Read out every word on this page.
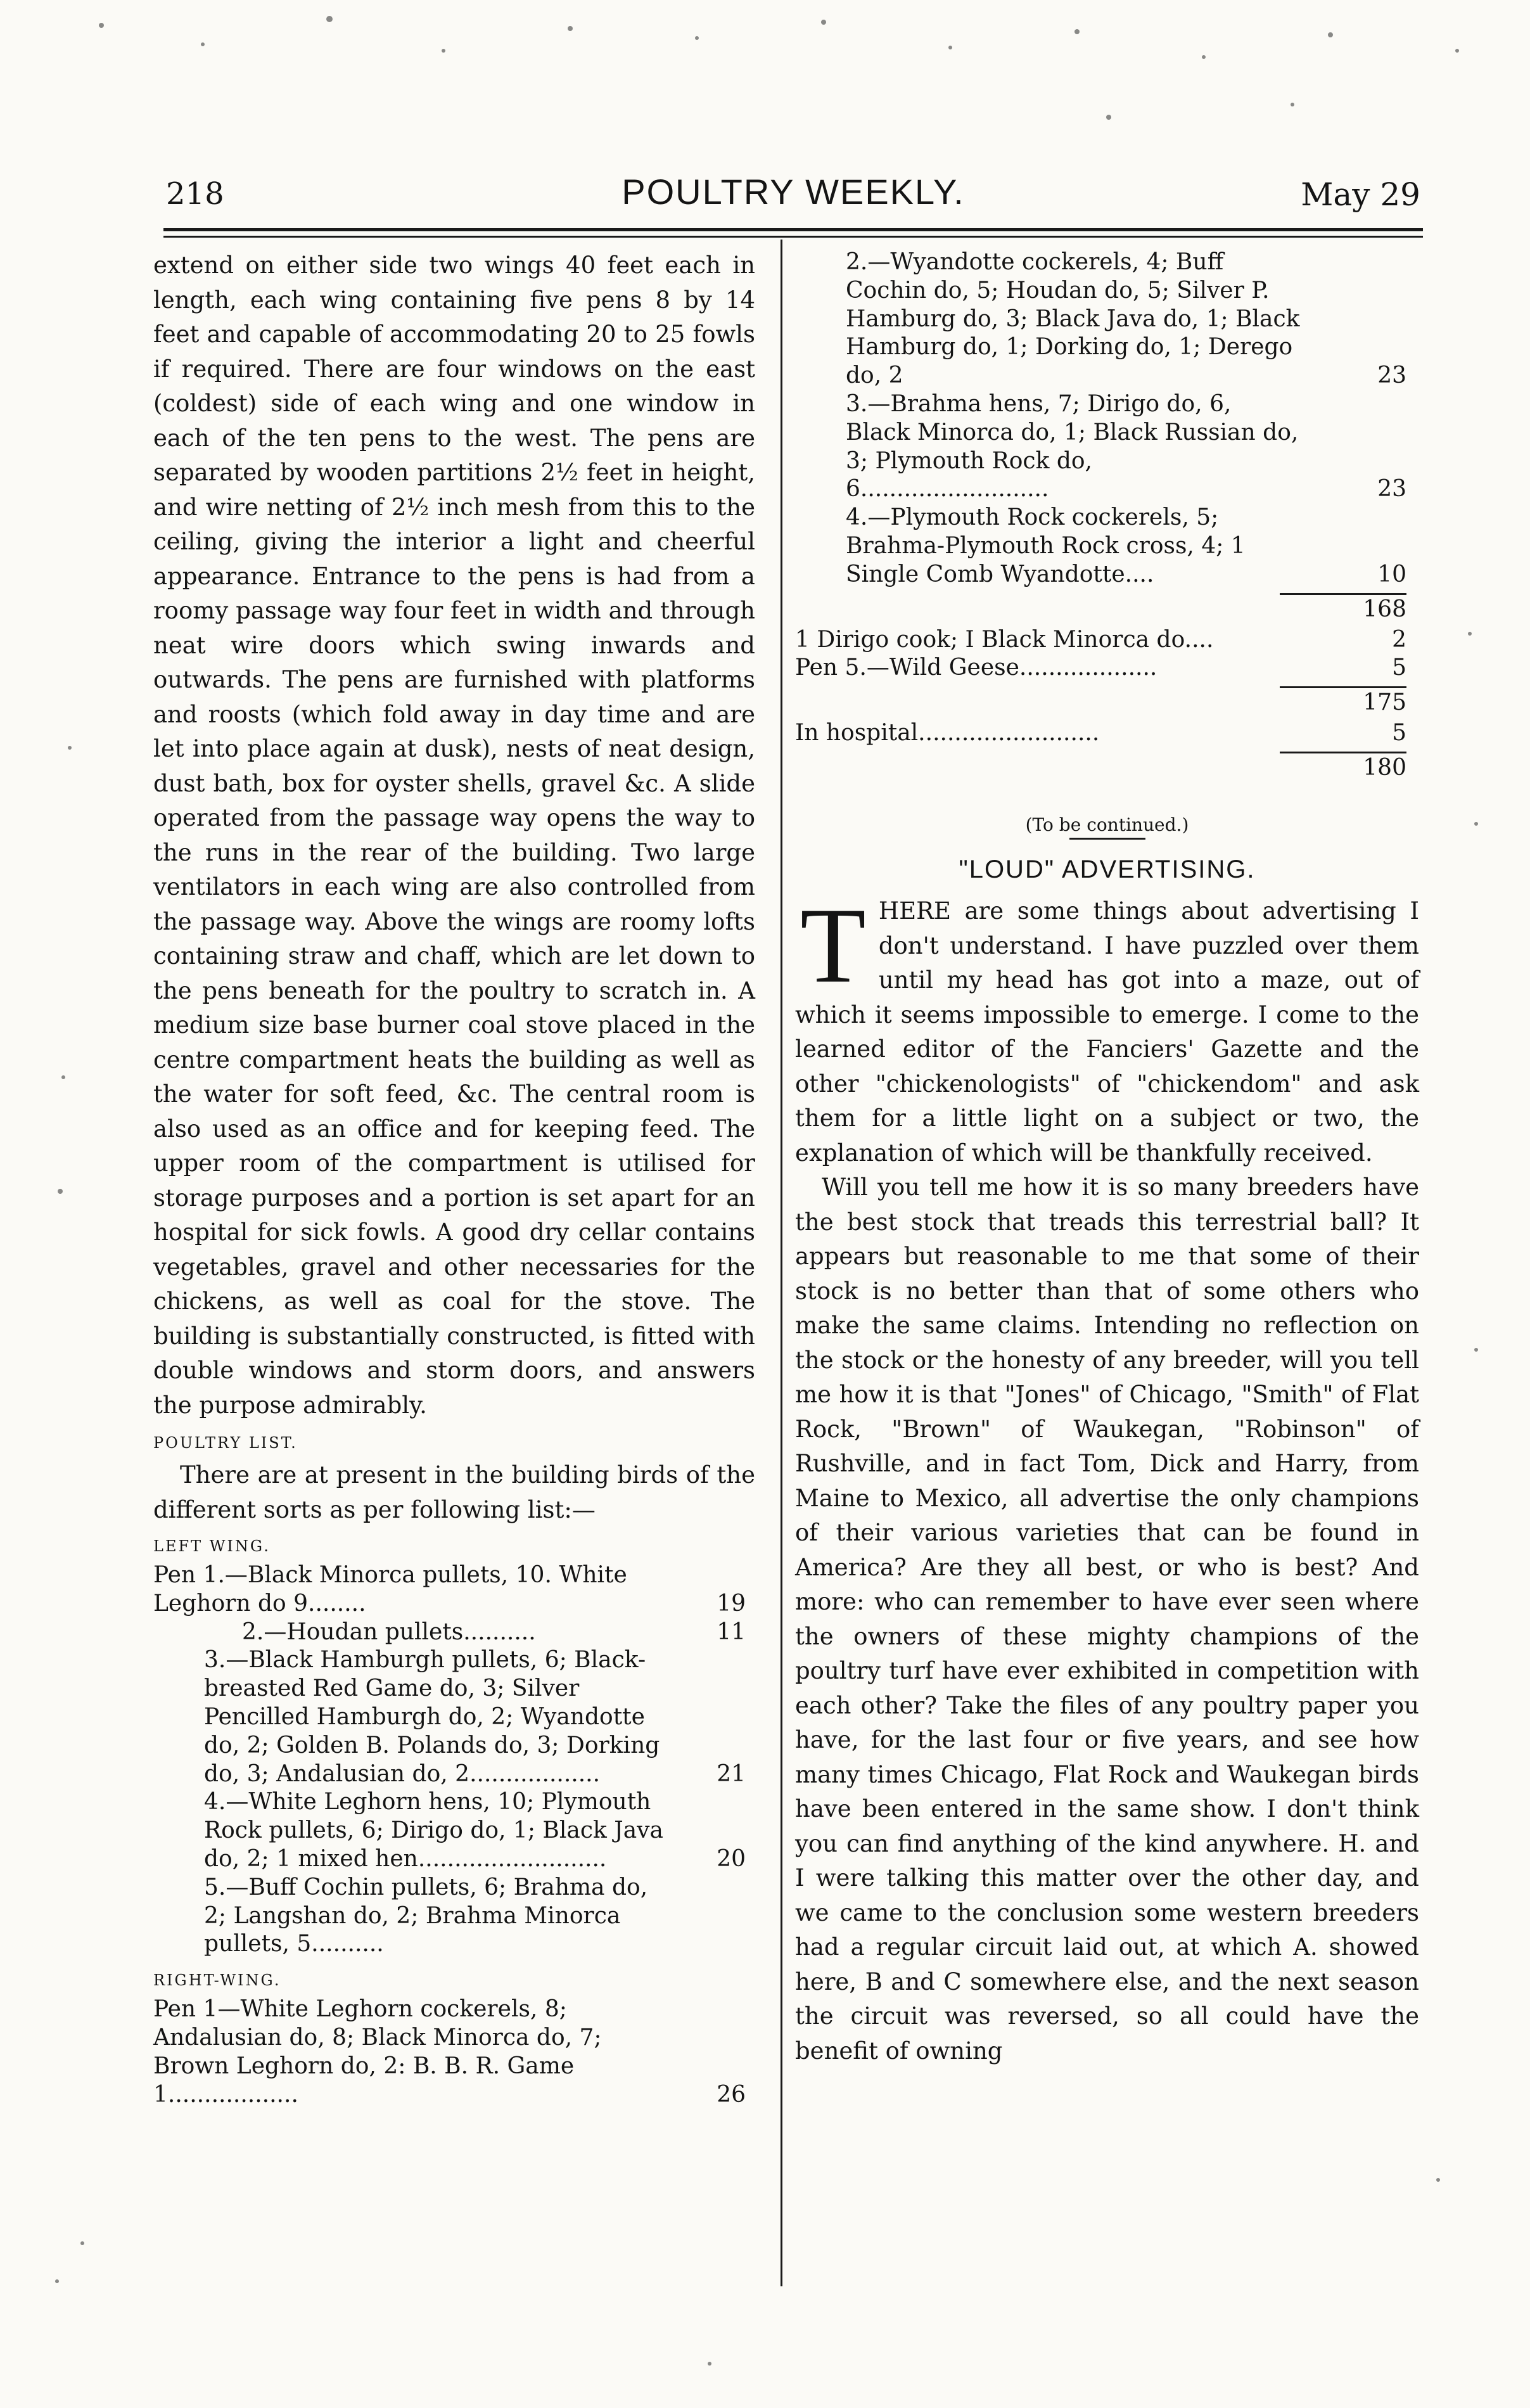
218	POULTRY WEEKLY.	May 29

extend on either side two wings 40 feet each in length, each wing containing five pens 8 by 14 feet and capable of accommodating 20 to 25 fowls if required. There are four windows on the east (coldest) side of each wing and one window in each of the ten pens to the west. The pens are separated by wooden partitions 2½ feet in height, and wire netting of 2½ inch mesh from this to the ceiling, giving the interior a light and cheerful appearance. Entrance to the pens is had from a roomy passage way four feet in width and through neat wire doors which swing inwards and outwards. The pens are furnished with platforms and roosts (which fold away in day time and are let into place again at dusk), nests of neat design, dust bath, box for oyster shells, gravel &c. A slide operated from the passage way opens the way to the runs in the rear of the building. Two large ventilators in each wing are also controlled from the passage way. Above the wings are roomy lofts containing straw and chaff, which are let down to the pens beneath for the poultry to scratch in. A medium size base burner coal stove placed in the centre compartment heats the building as well as the water for soft feed, &c. The central room is also used as an office and for keeping feed. The upper room of the compartment is utilised for storage purposes and a portion is set apart for an hospital for sick fowls. A good dry cellar contains vegetables, gravel and other necessaries for the chickens, as well as coal for the stove. The building is substantially constructed, is fitted with double windows and storm doors, and answers the purpose admirably.

POULTRY LIST.

There are at present in the building birds of the different sorts as per following list:—

LEFT WING.

Pen 1.—Black Minorca pullets, 10. White Leghorn do 9........	19
2.—Houdan pullets..........	11
3.—Black Hamburgh pullets, 6; Black-breasted Red Game do, 3; Silver Pencilled Hamburgh do, 2; Wyandotte do, 2; Golden B. Polands do, 3; Dorking do, 3; Andalusian do, 2..................	21
4.—White Leghorn hens, 10; Plymouth Rock pullets, 6; Dirigo do, 1; Black Java do, 2; 1 mixed hen..........................	20
5.—Buff Cochin pullets, 6; Brahma do, 2; Langshan do, 2; Brahma Minorca pullets, 5..........

RIGHT-WING.

Pen 1—White Leghorn cockerels, 8; Andalusian do, 8; Black Minorca do, 7; Brown Leghorn do, 2: B. B. R. Game 1..................	26
2.—Wyandotte cockerels, 4; Buff Cochin do, 5; Houdan do, 5; Silver P. Hamburg do, 3; Black Java do, 1; Black Hamburg do, 1; Dorking do, 1; Derego do, 2	23
3.—Brahma hens, 7; Dirigo do, 6, Black Minorca do, 1; Black Russian do, 3; Plymouth Rock do, 6..........................	23
4.—Plymouth Rock cockerels, 5; Brahma-Plymouth Rock cross, 4; 1 Single Comb Wyandotte....	10
168
1 Dirigo cook; I Black Minorca do....	2
Pen 5.—Wild Geese...................	5
175
In hospital.........................	5
180
(To be continued.)
"LOUD" ADVERTISING.

THERE are some things about advertising I don't understand. I have puzzled over them until my head has got into a maze, out of which it seems impossible to emerge. I come to the learned editor of the Fanciers' Gazette and the other "chickenologists" of "chickendom" and ask them for a little light on a subject or two, the explanation of which will be thankfully received.

Will you tell me how it is so many breeders have the best stock that treads this terrestrial ball? It appears but reasonable to me that some of their stock is no better than that of some others who make the same claims. Intending no reflection on the stock or the honesty of any breeder, will you tell me how it is that "Jones" of Chicago, "Smith" of Flat Rock, "Brown" of Waukegan, "Robinson" of Rushville, and in fact Tom, Dick and Harry, from Maine to Mexico, all advertise the only champions of their various varieties that can be found in America? Are they all best, or who is best? And more: who can remember to have ever seen where the owners of these mighty champions of the poultry turf have ever exhibited in competition with each other? Take the files of any poultry paper you have, for the last four or five years, and see how many times Chicago, Flat Rock and Waukegan birds have been entered in the same show. I don't think you can find anything of the kind anywhere. H. and I were talking this matter over the other day, and we came to the conclusion some western breeders had a regular circuit laid out, at which A. showed here, B and C somewhere else, and the next season the circuit was reversed, so all could have the benefit of owning
